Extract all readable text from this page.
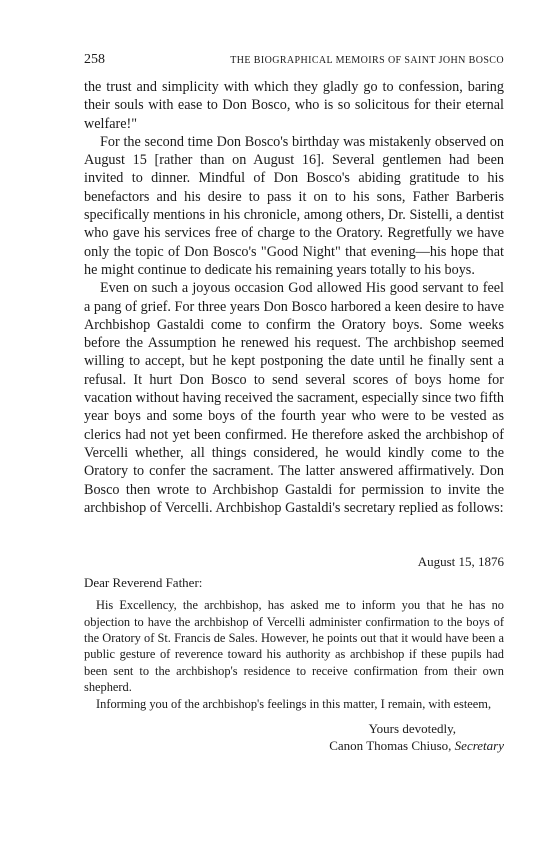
258	THE BIOGRAPHICAL MEMOIRS OF SAINT JOHN BOSCO

the trust and simplicity with which they gladly go to confession, baring their souls with ease to Don Bosco, who is so solicitous for their eternal welfare!"

For the second time Don Bosco's birthday was mistakenly observed on August 15 [rather than on August 16]. Several gentlemen had been invited to dinner. Mindful of Don Bosco's abiding gratitude to his benefactors and his desire to pass it on to his sons, Father Barberis specifically mentions in his chronicle, among others, Dr. Sistelli, a dentist who gave his services free of charge to the Oratory. Regretfully we have only the topic of Don Bosco's "Good Night" that evening—his hope that he might continue to dedicate his remaining years totally to his boys.

Even on such a joyous occasion God allowed His good servant to feel a pang of grief. For three years Don Bosco harbored a keen desire to have Archbishop Gastaldi come to confirm the Oratory boys. Some weeks before the Assumption he renewed his request. The archbishop seemed willing to accept, but he kept postponing the date until he finally sent a refusal. It hurt Don Bosco to send several scores of boys home for vacation without having received the sacrament, especially since two fifth year boys and some boys of the fourth year who were to be vested as clerics had not yet been confirmed. He therefore asked the archbishop of Vercelli whether, all things considered, he would kindly come to the Oratory to confer the sacrament. The latter answered affirmatively. Don Bosco then wrote to Archbishop Gastaldi for permission to invite the archbishop of Vercelli. Archbishop Gastaldi's secretary replied as follows:

August 15, 1876
Dear Reverend Father:

His Excellency, the archbishop, has asked me to inform you that he has no objection to have the archbishop of Vercelli administer confirmation to the boys of the Oratory of St. Francis de Sales. However, he points out that it would have been a public gesture of reverence toward his authority as archbishop if these pupils had been sent to the archbishop's residence to receive confirmation from their own shepherd.

Informing you of the archbishop's feelings in this matter, I remain, with esteem,

Yours devotedly,
Canon Thomas Chiuso, Secretary
